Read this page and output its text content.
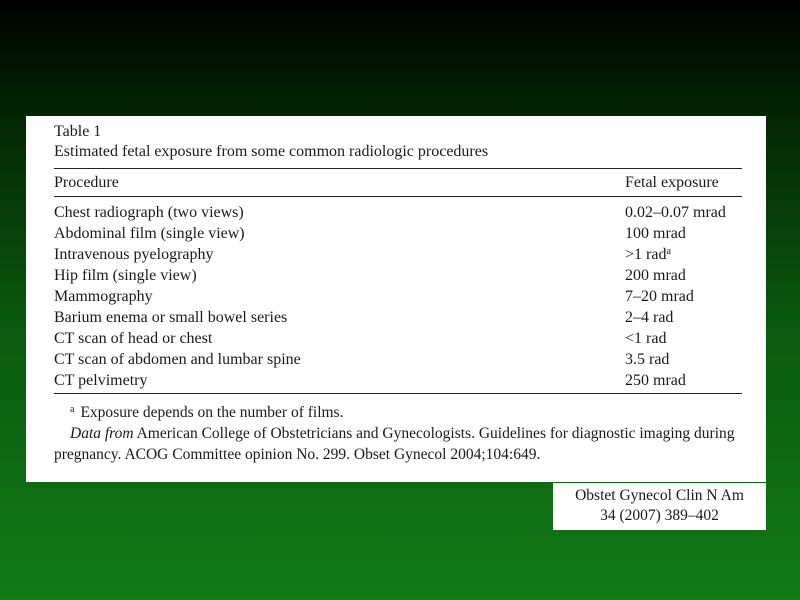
Table 1
Estimated fetal exposure from some common radiologic procedures
Procedure	Fetal exposure
Chest radiograph (two views)	0.02–0.07 mrad
Abdominal film (single view)	100 mrad
Intravenous pyelography	>1 rad$^a$
Hip film (single view)	200 mrad
Mammography	7–20 mrad
Barium enema or small bowel series	2–4 rad
CT scan of head or chest	<1 rad
CT scan of abdomen and lumbar spine	3.5 rad
CT pelvimetry	250 mrad
$^a$ Exposure depends on the number of films.
Data from American College of Obstetricians and Gynecologists. Guidelines for diagnostic imaging during pregnancy. ACOG Committee opinion No. 299. Obset Gynecol 2004;104:649.
Obstet Gynecol Clin N Am
34 (2007) 389–402
